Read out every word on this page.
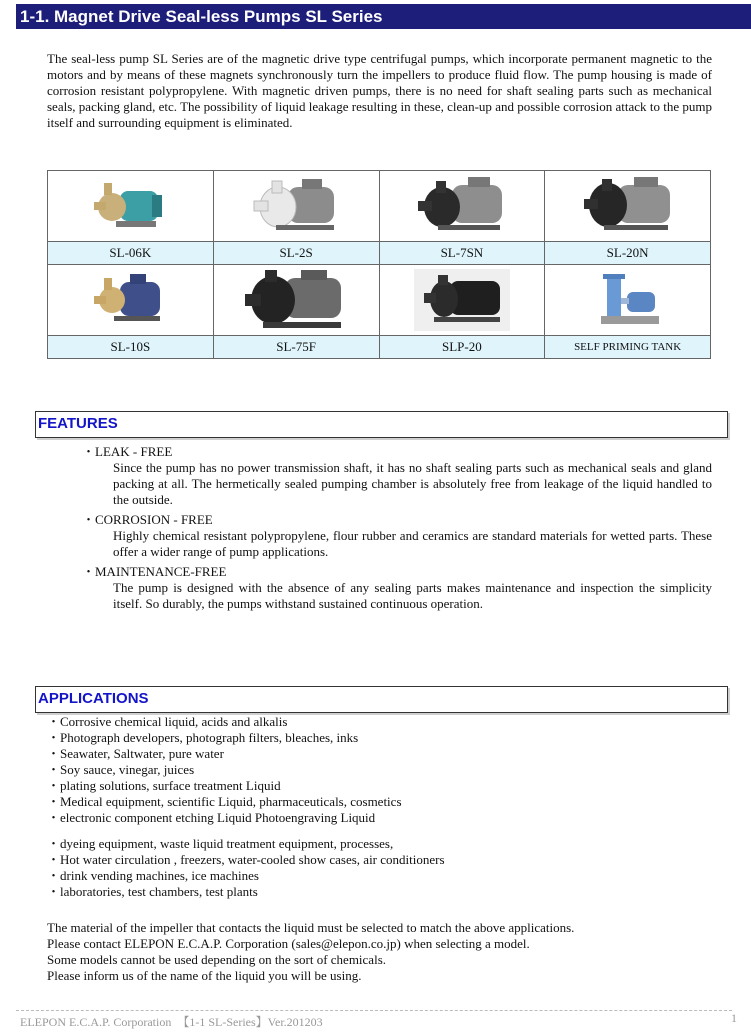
1-1. Magnet Drive Seal-less Pumps SL Series

The seal-less pump SL Series are of the magnetic drive type centrifugal pumps, which incorporate permanent magnetic to the motors and by means of these magnets synchronously turn the impellers to produce fluid flow. The pump housing is made of corrosion resistant polypropylene. With magnetic driven pumps, there is no need for shaft sealing parts such as mechanical seals, packing gland, etc. The possibility of liquid leakage resulting in these, clean-up and possible corrosion attack to the pump itself and surrounding equipment is eliminated.

SL-06K	SL-2S	SL-7SN	SL-20N

SL-10S	SL-75F	SLP-20	SELF PRIMING TANK
FEATURES
・LEAK - FREE
Since the pump has no power transmission shaft, it has no shaft sealing parts such as mechanical seals and gland packing at all. The hermetically sealed pumping chamber is absolutely free from leakage of the liquid handled to the outside.
・CORROSION - FREE
Highly chemical resistant polypropylene, flour rubber and ceramics are standard materials for wetted parts. These offer a wider range of pump applications.
・MAINTENANCE-FREE
The pump is designed with the absence of any sealing parts makes maintenance and inspection the simplicity itself. So durably, the pumps withstand sustained continuous operation.
APPLICATIONS
・Corrosive chemical liquid, acids and alkalis
・Photograph developers, photograph filters, bleaches, inks
・Seawater, Saltwater, pure water
・Soy sauce, vinegar, juices
・plating solutions, surface treatment Liquid
・Medical equipment, scientific Liquid, pharmaceuticals, cosmetics
・electronic component etching Liquid Photoengraving Liquid
・dyeing equipment, waste liquid treatment equipment, processes,
・Hot water circulation , freezers, water-cooled show cases, air conditioners
・drink vending machines, ice machines
・laboratories, test chambers, test plants
The material of the impeller that contacts the liquid must be selected to match the above applications.
Please contact ELEPON E.C.A.P. Corporation (sales@elepon.co.jp) when selecting a model.
Some models cannot be used depending on the sort of chemicals.
Please inform us of the name of the liquid you will be using.
ELEPON E.C.A.P. Corporation　【1-1 SL-Series】Ver.201203	1
